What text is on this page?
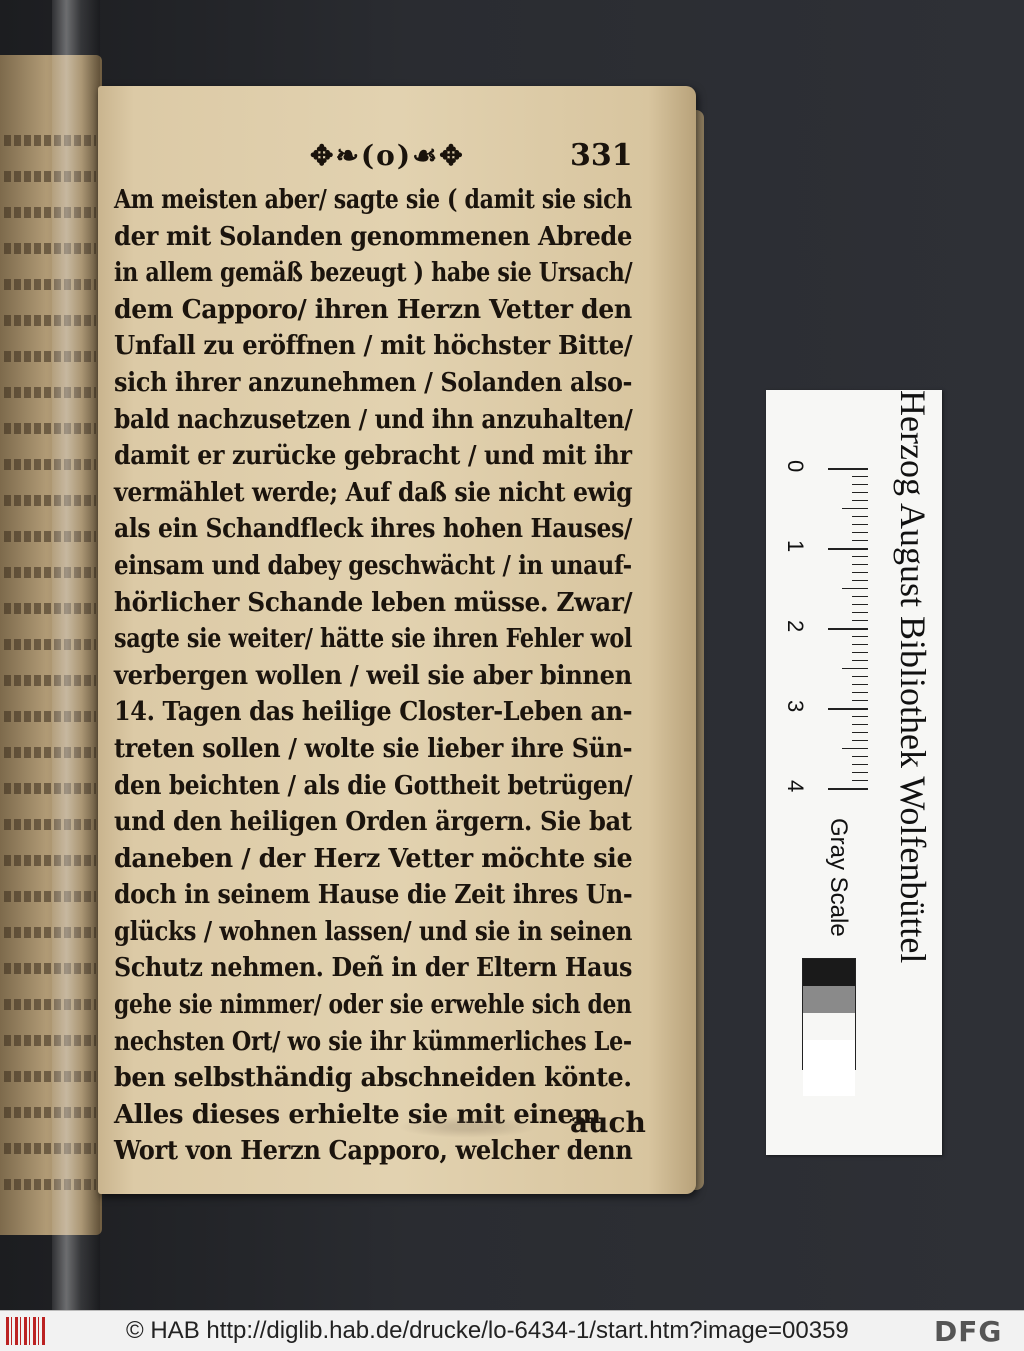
✥❧(o)☙✥	331
Am meisten aber/ sagte sie ( damit sie sich
der mit Solanden genommenen Abrede
in allem gemäß bezeugt ) habe sie Ursach/
dem Capporo/ ihren Herzn Vetter den
Unfall zu eröffnen / mit höchster Bitte/
sich ihrer anzunehmen / Solanden also-
bald nachzusetzen / und ihn anzuhalten/
damit er zurücke gebracht / und mit ihr
vermählet werde; Auf daß sie nicht ewig
als ein Schandfleck ihres hohen Hauses/
einsam und dabey geschwächt / in unauf-
hörlicher Schande leben müsse. Zwar/
sagte sie weiter/ hätte sie ihren Fehler wol
verbergen wollen / weil sie aber binnen
14. Tagen das heilige Closter-Leben an-
treten sollen / wolte sie lieber ihre Sün-
den beichten / als die Gottheit betrügen/
und den heiligen Orden ärgern. Sie bat
daneben / der Herz Vetter möchte sie
doch in seinem Hause die Zeit ihres Un-
glücks / wohnen lassen/ und sie in seinen
Schutz nehmen. Deñ in der Eltern Haus
gehe sie nimmer/ oder sie erwehle sich den
nechsten Ort/ wo sie ihr kümmerliches Le-
ben selbsthändig abschneiden könte.
Alles dieses erhielte sie mit einem
Wort von Herzn Capporo, welcher denn
auch
Herzog August Bibliothek Wolfenbüttel
0
1
2
3
4
Gray Scale
© HAB http://diglib.hab.de/drucke/lo-6434-1/start.htm?image=00359	DFG
